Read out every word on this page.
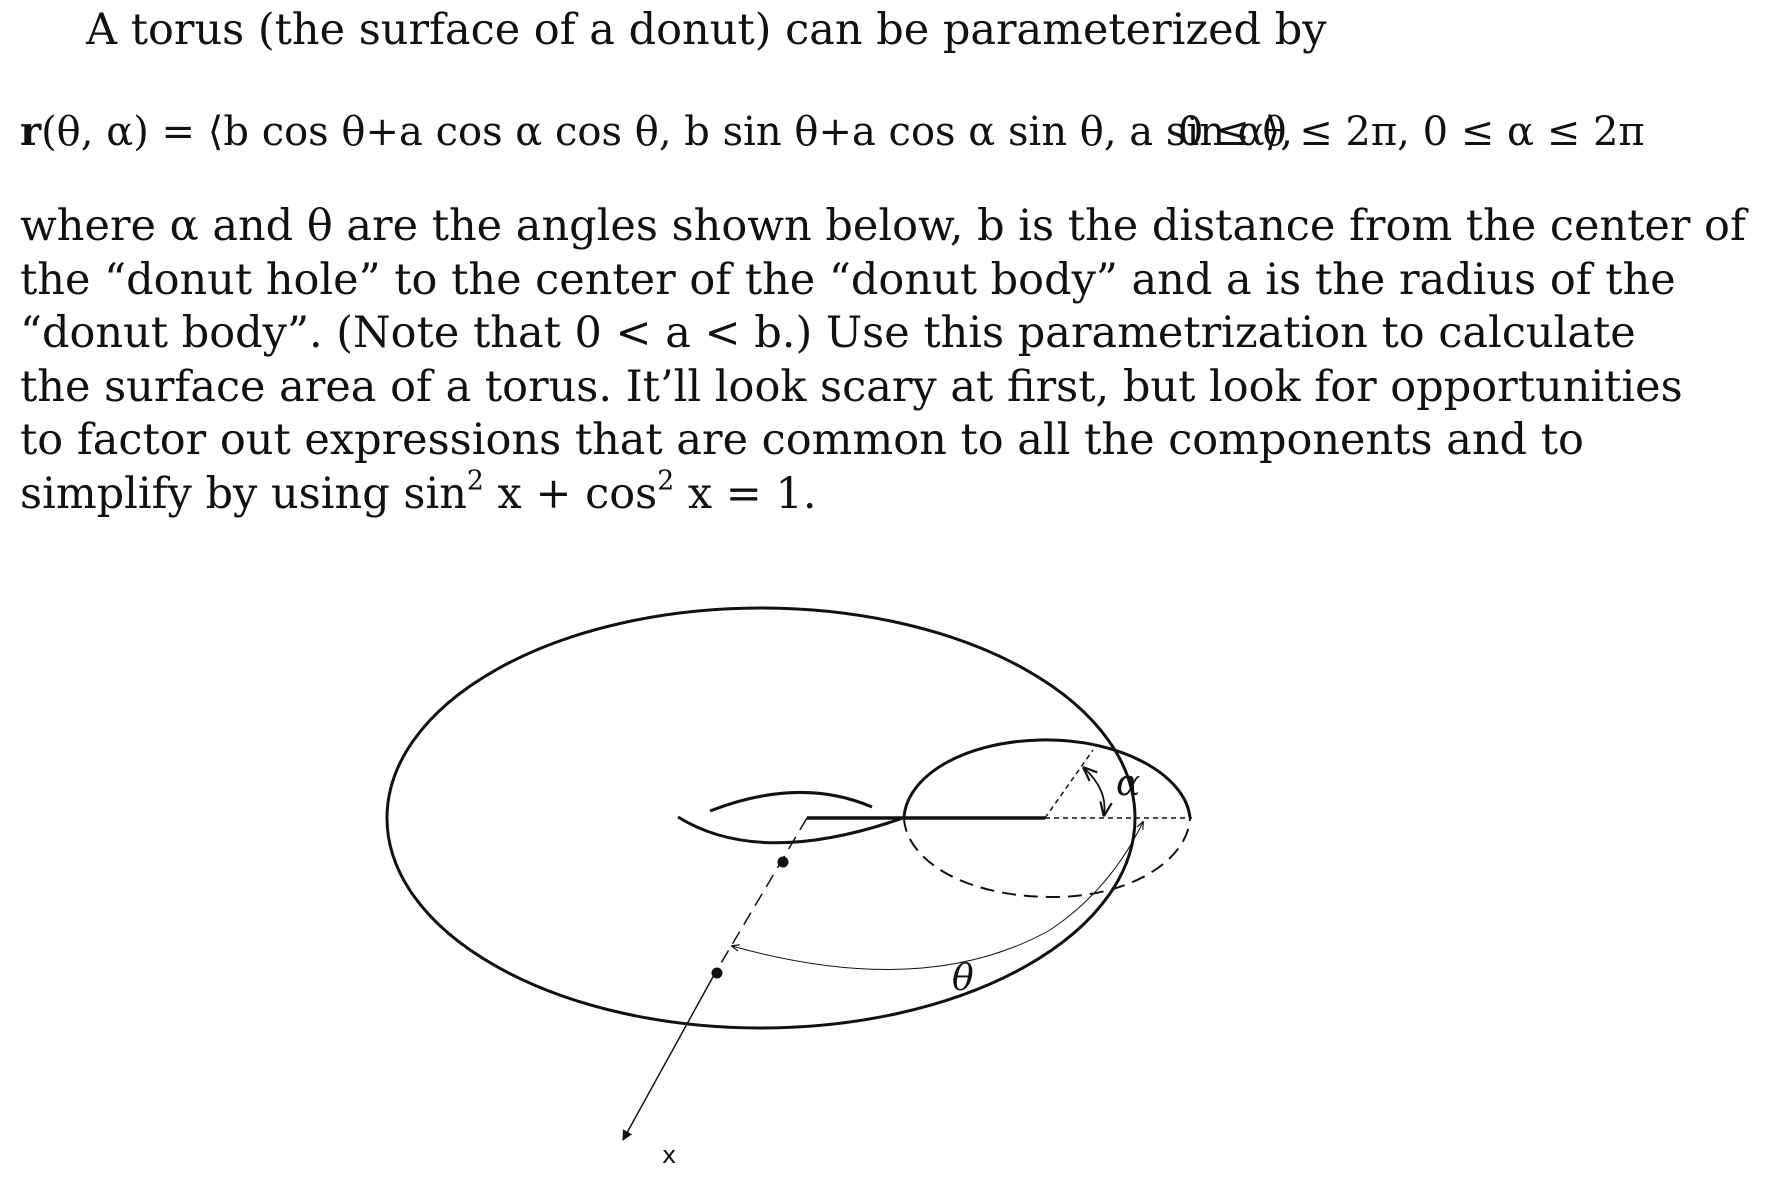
A torus (the surface of a donut) can be parameterized by
r(θ, α) = ⟨b cos θ+a cos α cos θ, b sin θ+a cos α sin θ, a sin α⟩,
0 ≤ θ ≤ 2π, 0 ≤ α ≤ 2π
where α and θ are the angles shown below, b is the distance from the center of
the “donut hole” to the center of the “donut body” and a is the radius of the
“donut body”. (Note that 0 < a < b.) Use this parametrization to calculate
the surface area of a torus. It’ll look scary at first, but look for opportunities
to factor out expressions that are common to all the components and to
simplify by using $\sin^2 x + \cos^2 x = 1$.
α
θ
x
